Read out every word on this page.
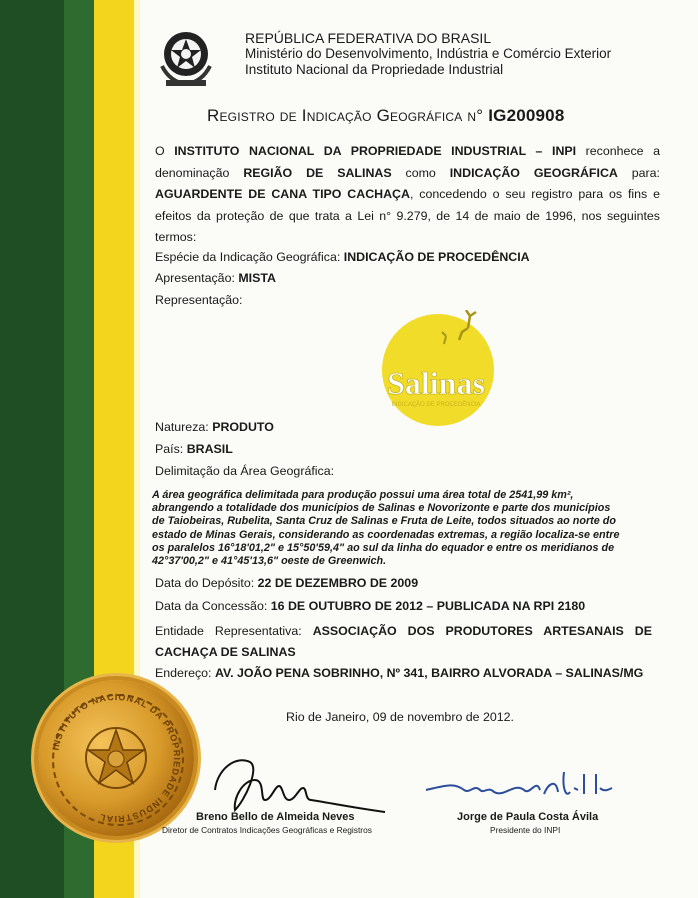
REPÚBLICA FEDERATIVA DO BRASIL
Ministério do Desenvolvimento, Indústria e Comércio Exterior
Instituto Nacional da Propriedade Industrial
Registro de Indicação Geográfica n° IG200908

O INSTITUTO NACIONAL DA PROPRIEDADE INDUSTRIAL – INPI reconhece a

denominação REGIÃO DE SALINAS como INDICAÇÃO GEOGRÁFICA para:

AGUARDENTE DE CANA TIPO CACHAÇA, concedendo o seu registro para os fins e

efeitos da proteção de que trata a Lei n° 9.279, de 14 de maio de 1996, nos seguintes

termos:

Espécie da Indicação Geográfica: INDICAÇÃO DE PROCEDÊNCIA
Apresentação: MISTA
Representação:
Salinas
INDICAÇÃO DE PROCEDÊNCIA
Natureza: PRODUTO
País: BRASIL
Delimitação da Área Geográfica:
A área geográfica delimitada para produção possui uma área total de 2541,99 km²,
abrangendo a totalidade dos municípios de Salinas e Novorizonte e parte dos municípios
de Taiobeiras, Rubelita, Santa Cruz de Salinas e Fruta de Leite, todos situados ao norte do
estado de Minas Gerais, considerando as coordenadas extremas, a região localiza-se entre
os paralelos 16°18'01,2" e 15°50'59,4" ao sul da linha do equador e entre os meridianos de
42°37'00,2" e 41°45'13,6" oeste de Greenwich.
Data do Depósito: 22 DE DEZEMBRO DE 2009
Data da Concessão: 16 DE OUTUBRO DE 2012 – PUBLICADA NA RPI 2180

Entidade Representativa: ASSOCIAÇÃO DOS PRODUTORES ARTESANAIS DE

CACHAÇA DE SALINAS

Endereço: AV. JOÃO PENA SOBRINHO, Nº 341, BAIRRO ALVORADA – SALINAS/MG
Rio de Janeiro, 09 de novembro de 2012.
INSTITUTO NACIONAL DA PROPRIEDADE INDUSTRIAL	Breno Bello de Almeida Neves
Diretor de Contratos Indicações Geográficas e Registros
Jorge de Paula Costa Ávila
Presidente do INPI
